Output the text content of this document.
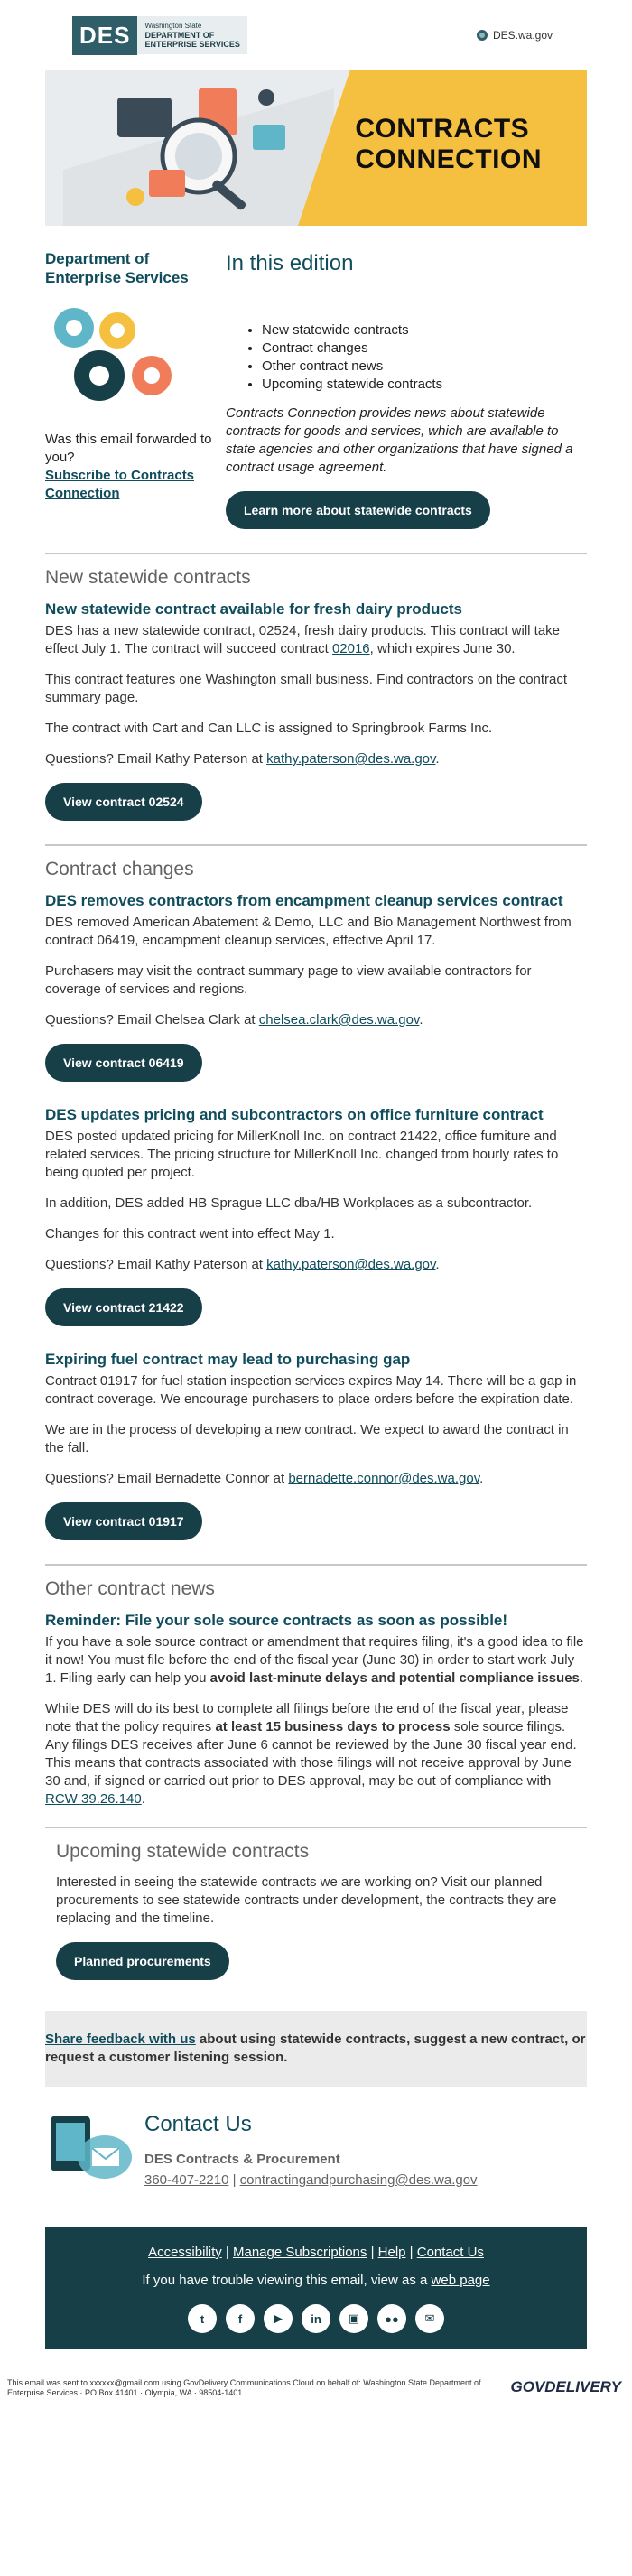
DES	Washington State
DEPARTMENT OF
ENTERPRISE SERVICES
DES.wa.gov
CONTRACTS
CONNECTION
Department of Enterprise Services
Was this email forwarded to you?
Subscribe to Contracts Connection
In this edition
• New statewide contracts
• Contract changes
• Other contract news
• Upcoming statewide contracts
Contracts Connection provides news about statewide contracts for goods and services, which are available to state agencies and other organizations that have signed a contract usage agreement.
Learn more about statewide contracts
New statewide contracts
New statewide contract available for fresh dairy products
DES has a new statewide contract, 02524, fresh dairy products. This contract will take effect July 1. The contract will succeed contract 02016, which expires June 30.
This contract features one Washington small business. Find contractors on the contract summary page.
The contract with Cart and Can LLC is assigned to Springbrook Farms Inc.
Questions? Email Kathy Paterson at kathy.paterson@des.wa.gov.
View contract 02524
Contract changes
DES removes contractors from encampment cleanup services contract
DES removed American Abatement & Demo, LLC and Bio Management Northwest from contract 06419, encampment cleanup services, effective April 17.
Purchasers may visit the contract summary page to view available contractors for coverage of services and regions.
Questions? Email Chelsea Clark at chelsea.clark@des.wa.gov.
View contract 06419
DES updates pricing and subcontractors on office furniture contract
DES posted updated pricing for MillerKnoll Inc. on contract 21422, office furniture and related services. The pricing structure for MillerKnoll Inc. changed from hourly rates to being quoted per project.
In addition, DES added HB Sprague LLC dba/HB Workplaces as a subcontractor.
Changes for this contract went into effect May 1.
Questions? Email Kathy Paterson at kathy.paterson@des.wa.gov.
View contract 21422
Expiring fuel contract may lead to purchasing gap
Contract 01917 for fuel station inspection services expires May 14. There will be a gap in contract coverage. We encourage purchasers to place orders before the expiration date.
We are in the process of developing a new contract. We expect to award the contract in the fall.
Questions? Email Bernadette Connor at bernadette.connor@des.wa.gov.
View contract 01917
Other contract news
Reminder: File your sole source contracts as soon as possible!
If you have a sole source contract or amendment that requires filing, it's a good idea to file it now! You must file before the end of the fiscal year (June 30) in order to start work July 1. Filing early can help you avoid last-minute delays and potential compliance issues.
While DES will do its best to complete all filings before the end of the fiscal year, please note that the policy requires at least 15 business days to process sole source filings. Any filings DES receives after June 6 cannot be reviewed by the June 30 fiscal year end. This means that contracts associated with those filings will not receive approval by June 30 and, if signed or carried out prior to DES approval, may be out of compliance with RCW 39.26.140.
Upcoming statewide contracts
Interested in seeing the statewide contracts we are working on? Visit our planned procurements to see statewide contracts under development, the contracts they are replacing and the timeline.
Planned procurements
Share feedback with us about using statewide contracts, suggest a new contract, or request a customer listening session.
Contact Us
DES Contracts & Procurement
360-407-2210 | contractingandpurchasing@des.wa.gov
Accessibility | Manage Subscriptions | Help | Contact Us
If you have trouble viewing this email, view as a web page
t	f	▶	in	▣	●●	✉
This email was sent to xxxxxx@gmail.com using GovDelivery Communications Cloud on behalf of: Washington State Department of Enterprise Services · PO Box 41401 · Olympia, WA · 98504-1401	GOVDELIVERY
